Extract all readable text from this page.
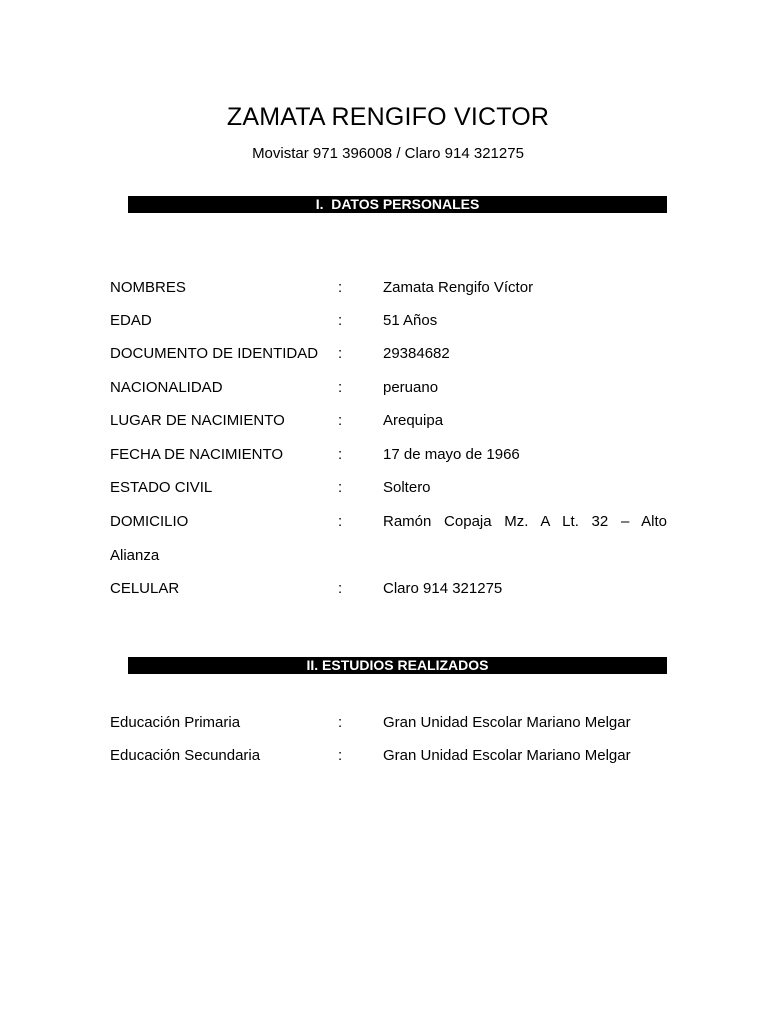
ZAMATA RENGIFO VICTOR
Movistar 971 396008 / Claro 914 321275
I.  DATOS PERSONALES
NOMBRES	:	Zamata Rengifo Víctor
EDAD	:	51 Años
DOCUMENTO DE IDENTIDAD :	29384682
NACIONALIDAD	:	peruano
LUGAR DE NACIMIENTO	:	Arequipa
FECHA DE NACIMIENTO	:	17 de mayo de 1966
ESTADO CIVIL	:	Soltero
DOMICILIO	:	Ramón Copaja Mz. A Lt. 32 – Alto
Alianza
CELULAR	:	Claro 914 321275
II. ESTUDIOS REALIZADOS
Educación Primaria	:	Gran Unidad Escolar Mariano Melgar
Educación Secundaria	:	Gran Unidad Escolar Mariano Melgar
